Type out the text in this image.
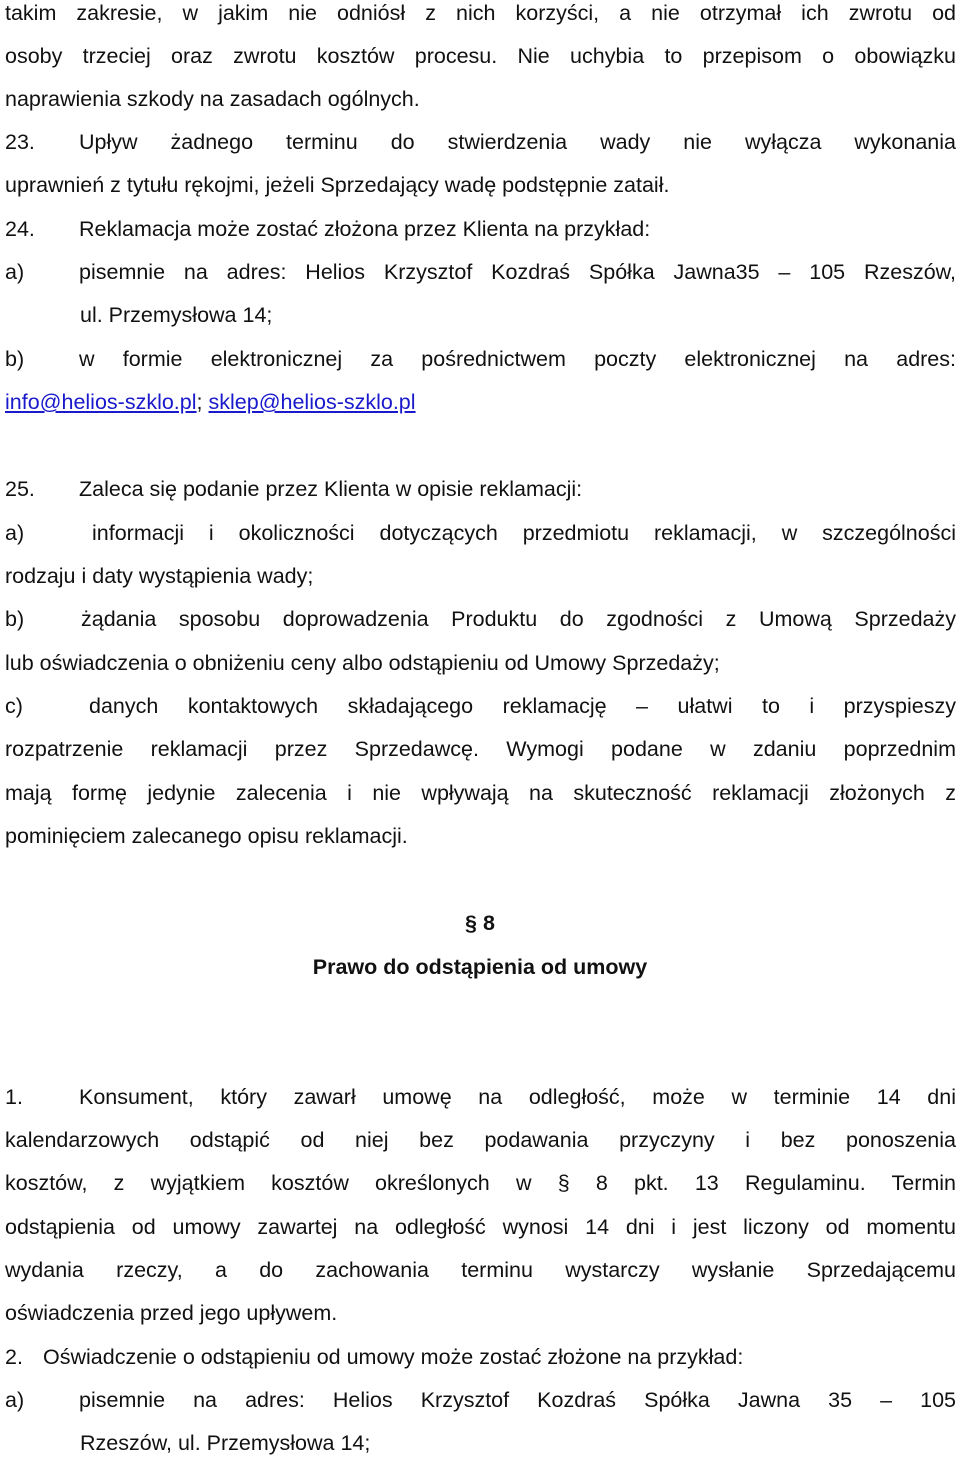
takim zakresie, w jakim nie odniósł z nich korzyści, a nie otrzymał ich zwrotu od
osoby trzeciej oraz zwrotu kosztów procesu. Nie uchybia to przepisom o obowiązku
naprawienia szkody na zasadach ogólnych.
23. Upływ żadnego terminu do stwierdzenia wady nie wyłącza wykonania
uprawnień z tytułu rękojmi, jeżeli Sprzedający wadę podstępnie zataił.
24. Reklamacja może zostać złożona przez Klienta na przykład:
a)	pisemnie na adres: Helios Krzysztof Kozdraś Spółka Jawna35 – 105 Rzeszów,
ul. Przemysłowa 14;
b)	w formie elektronicznej za pośrednictwem poczty elektronicznej na adres:
info@helios-szklo.pl; sklep@helios-szklo.pl
25. Zaleca się podanie przez Klienta w opisie reklamacji:
a)	informacji i okoliczności dotyczących przedmiotu reklamacji, w szczególności
rodzaju i daty wystąpienia wady;
b)	żądania sposobu doprowadzenia Produktu do zgodności z Umową Sprzedaży
lub oświadczenia o obniżeniu ceny albo odstąpieniu od Umowy Sprzedaży;
c)	danych kontaktowych składającego reklamację – ułatwi to i przyspieszy
rozpatrzenie reklamacji przez Sprzedawcę. Wymogi podane w zdaniu poprzednim
mają formę jedynie zalecenia i nie wpływają na skuteczność reklamacji złożonych z
pominięciem zalecanego opisu reklamacji.
§ 8
Prawo do odstąpienia od umowy
1.	Konsument, który zawarł umowę na odległość, może w terminie 14 dni
kalendarzowych odstąpić od niej bez podawania przyczyny i bez ponoszenia
kosztów, z wyjątkiem kosztów określonych w § 8 pkt. 13 Regulaminu. Termin
odstąpienia od umowy zawartej na odległość wynosi 14 dni i jest liczony od momentu
wydania rzeczy, a do zachowania terminu wystarczy wysłanie Sprzedającemu
oświadczenia przed jego upływem.
2. Oświadczenie o odstąpieniu od umowy może zostać złożone na przykład:
a)	pisemnie na adres: Helios Krzysztof Kozdraś Spółka Jawna 35 – 105
Rzeszów, ul. Przemysłowa 14;
